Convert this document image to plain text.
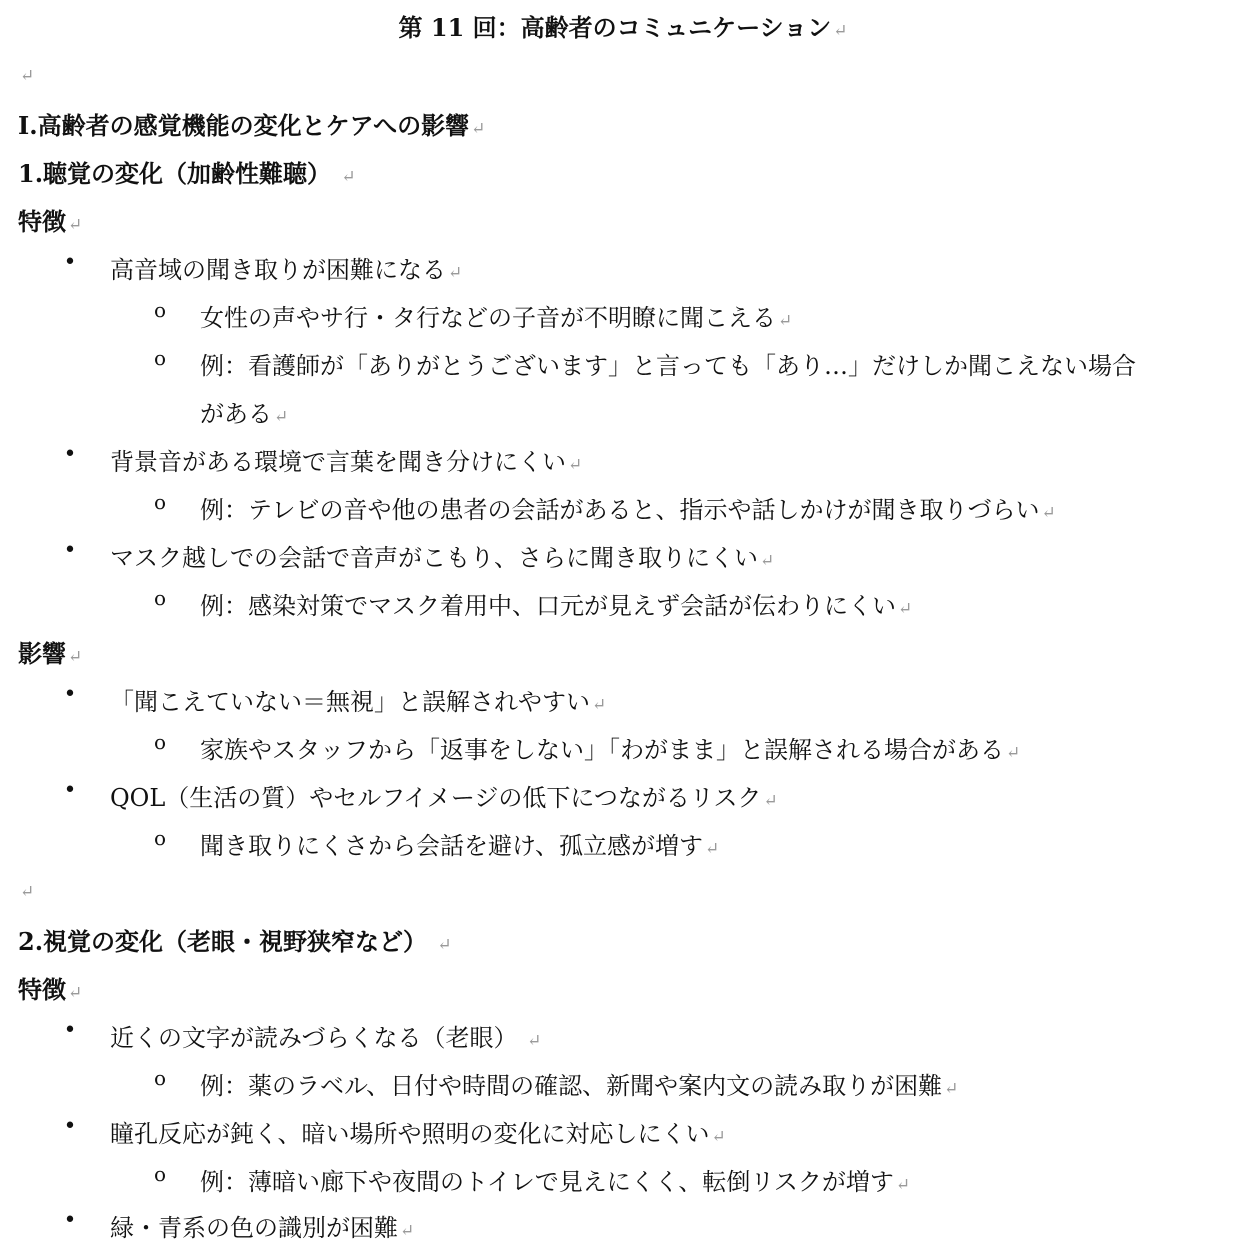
第 11 回：高齢者のコミュニケーション ↵
↵
Ⅰ.高齢者の感覚機能の変化とケアへの影響 ↵
1.聴覚の変化（加齢性難聴） ↵
特徴 ↵
• 高音域の聞き取りが困難になる ↵
o 女性の声やサ行・タ行などの子音が不明瞭に聞こえる ↵
o 例：看護師が「ありがとうございます」と言っても「あり…」だけしか聞こえない場合
がある ↵
• 背景音がある環境で言葉を聞き分けにくい ↵
o 例：テレビの音や他の患者の会話があると、指示や話しかけが聞き取りづらい ↵
• マスク越しでの会話で音声がこもり、さらに聞き取りにくい ↵
o 例：感染対策でマスク着用中、口元が見えず会話が伝わりにくい ↵
影響 ↵
• 「聞こえていない＝無視」と誤解されやすい ↵
o 家族やスタッフから「返事をしない」「わがまま」と誤解される場合がある ↵
• QOL（生活の質）やセルフイメージの低下につながるリスク ↵
o 聞き取りにくさから会話を避け、孤立感が増す ↵
↵
2.視覚の変化（老眼・視野狭窄など） ↵
特徴 ↵
• 近くの文字が読みづらくなる（老眼） ↵
o 例：薬のラベル、日付や時間の確認、新聞や案内文の読み取りが困難 ↵
• 瞳孔反応が鈍く、暗い場所や照明の変化に対応しにくい ↵
o 例：薄暗い廊下や夜間のトイレで見えにくく、転倒リスクが増す ↵
• 緑・青系の色の識別が困難 ↵
